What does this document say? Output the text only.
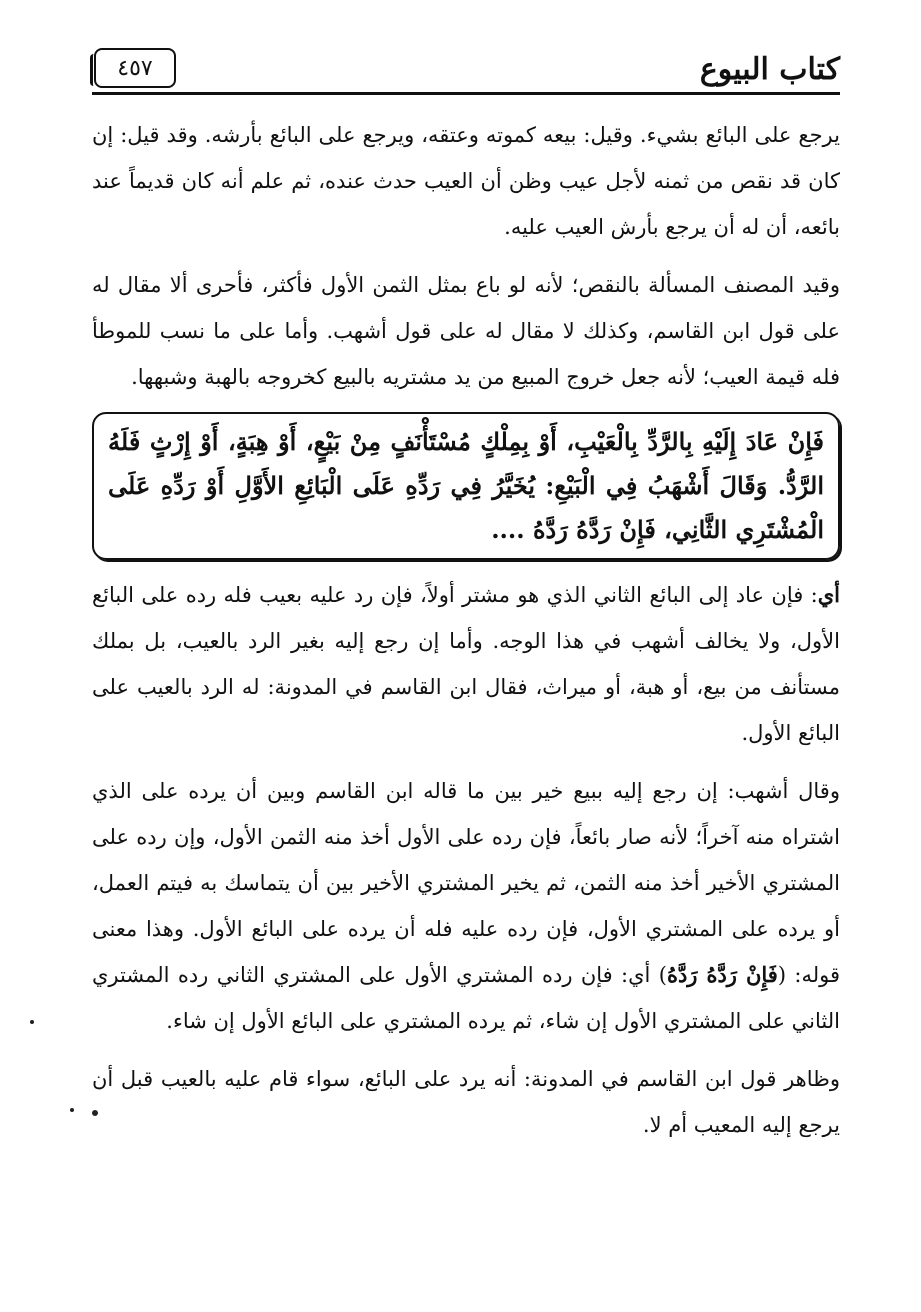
كتاب البيوع
٤٥٧

يرجع على البائع بشيء. وقيل: بيعه كموته وعتقه، ويرجع على البائع بأرشه. وقد قيل: إن كان قد نقص من ثمنه لأجل عيب وظن أن العيب حدث عنده، ثم علم أنه كان قديماً عند بائعه، أن له أن يرجع بأرش العيب عليه.

وقيد المصنف المسألة بالنقص؛ لأنه لو باع بمثل الثمن الأول فأكثر، فأحرى ألا مقال له على قول ابن القاسم، وكذلك لا مقال له على قول أشهب. وأما على ما نسب للموطأ فله قيمة العيب؛ لأنه جعل خروج المبيع من يد مشتريه بالبيع كخروجه بالهبة وشبهها.

فَإِنْ عَادَ إِلَيْهِ بِالرَّدِّ بِالْعَيْبِ، أَوْ بِمِلْكٍ مُسْتَأْنَفٍ مِنْ بَيْعٍ، أَوْ هِبَةٍ، أَوْ إِرْثٍ فَلَهُ الرَّدُّ. وَقَالَ أَشْهَبُ فِي الْبَيْعِ: يُخَيَّرُ فِي رَدِّهِ عَلَى الْبَائِعِ الأَوَّلِ أَوْ رَدِّهِ عَلَى الْمُشْتَرِي الثَّانِي، فَإِنْ رَدَّهُ رَدَّهُ ....

أي: فإن عاد إلى البائع الثاني الذي هو مشتر أولاً، فإن رد عليه بعيب فله رده على البائع الأول، ولا يخالف أشهب في هذا الوجه. وأما إن رجع إليه بغير الرد بالعيب، بل بملك مستأنف من بيع، أو هبة، أو ميراث، فقال ابن القاسم في المدونة: له الرد بالعيب على البائع الأول.

وقال أشهب: إن رجع إليه ببيع خير بين ما قاله ابن القاسم وبين أن يرده على الذي اشتراه منه آخراً؛ لأنه صار بائعاً، فإن رده على الأول أخذ منه الثمن الأول، وإن رده على المشتري الأخير أخذ منه الثمن، ثم يخير المشتري الأخير بين أن يتماسك به فيتم العمل، أو يرده على المشتري الأول، فإن رده عليه فله أن يرده على البائع الأول. وهذا معنى قوله: (فَإِنْ رَدَّهُ رَدَّهُ) أي: فإن رده المشتري الأول على المشتري الثاني رده المشتري الثاني على المشتري الأول إن شاء، ثم يرده المشتري على البائع الأول إن شاء.

وظاهر قول ابن القاسم في المدونة: أنه يرد على البائع، سواء قام عليه بالعيب قبل أن يرجع إليه المعيب أم لا.
